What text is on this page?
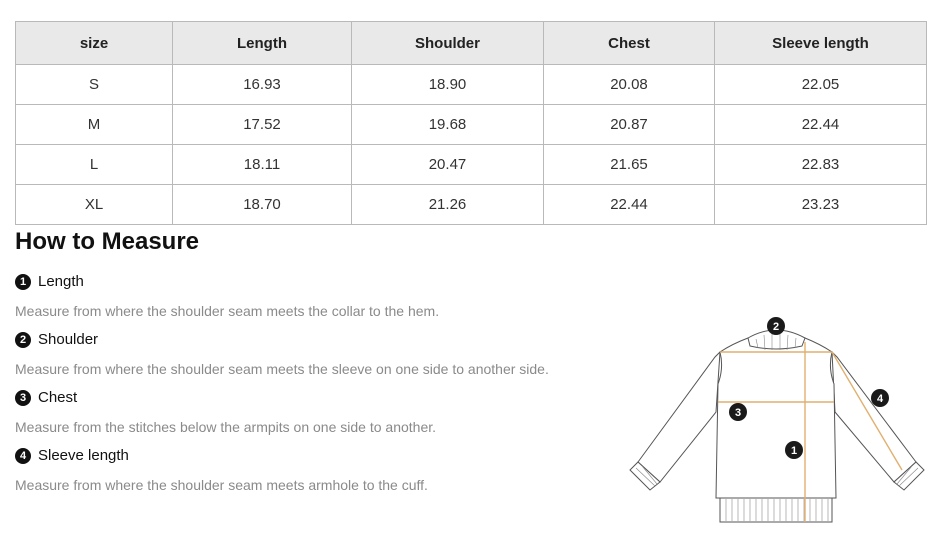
size	Length	Shoulder	Chest	Sleeve length
S	16.93	18.90	20.08	22.05
M	17.52	19.68	20.87	22.44
L	18.11	20.47	21.65	22.83
XL	18.70	21.26	22.44	23.23
How to Measure
1 Length

Measure from where the shoulder seam meets the collar to the hem.

2 Shoulder

Measure from where the shoulder seam meets the sleeve on one side to another side.

3 Chest

Measure from the stitches below the armpits on one side to another.

4 Sleeve length

Measure from where the shoulder seam meets armhole to the cuff.

2
3
4
1
